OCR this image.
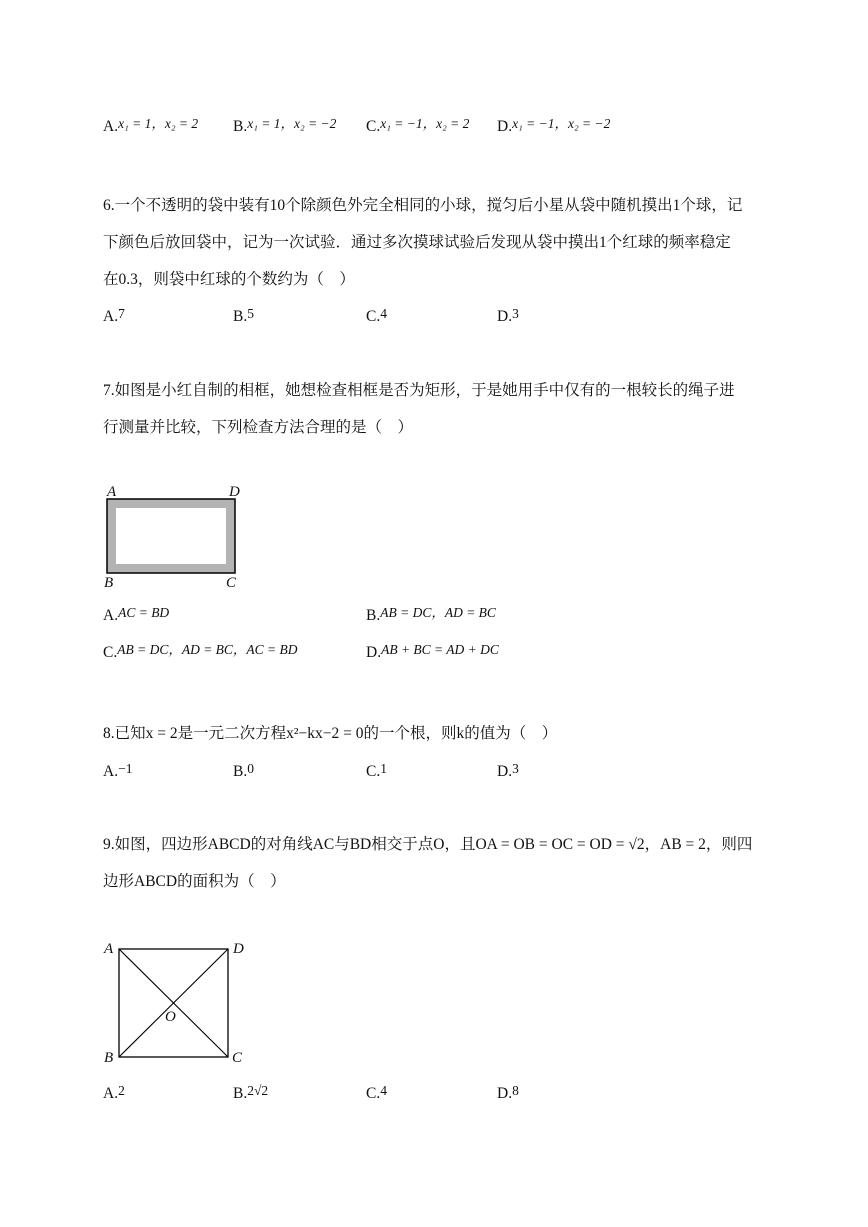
A.x₁ = 1，x₂ = 2 B.x₁ = 1，x₂ = −2 C.x₁ = −1，x₂ = 2 D.x₁ = −1，x₂ = −2
6.一个不透明的袋中装有10个除颜色外完全相同的小球，搅匀后小星从袋中随机摸出1个球，记
下颜色后放回袋中，记为一次试验．通过多次摸球试验后发现从袋中摸出1个红球的频率稳定
在0.3，则袋中红球的个数约为（　）
A.7	B.5	C.4	D.3
7.如图是小红自制的相框，她想检查相框是否为矩形，于是她用手中仅有的一根较长的绳子进
行测量并比较，下列检查方法合理的是（　）
A	D
B	C
A.AC = BD	B.AB = DC，AD = BC
C.AB = DC，AD = BC，AC = BD	D.AB + BC = AD + DC
8.已知x = 2是一元二次方程x²−kx−2 = 0的一个根，则k的值为（　）
A.−1	B.0	C.1	D.3
9.如图，四边形ABCD的对角线AC与BD相交于点O，且OA = OB = OC = OD = √2，AB = 2，则四
边形ABCD的面积为（　）
A	D
B	C
O
A.2	B.2√2	C.4	D.8
